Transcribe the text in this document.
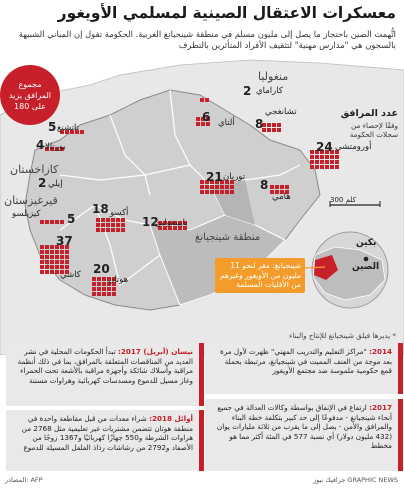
معسكرات الاعتقال الصينية لمسلمي الأويغور
اتُّهمت الصين باحتجاز ما يصل إلى مليون مسلم في منطقة شينجيانغ الغربية. الحكومة تقول إن المباني الشبيهة بالسجون هي "مدارس مهنية" لتثقيف الأفراد المتأثرين بالتطرف
مجموع المرافق يزيد على 180
عدد المرافق
وفقًا لإحصاء من سجلات الحكومة
منغوليا
كازاخستان
قيرغيزستان
كاراماي
2
ألتاي
6	تشانغجي
8
تاتشنغ
5
بورتالا
4
إيلي
2
أورومتشي
24
توربان
21
هامي
8
أكسو
18
كيزيلسو 5
كاشي
37
هوتان
20
بايينغولين
12
منطقة شينجيانغ
300 كلم
بكين
الصين
شينجيانغ: مقر لنحو 11 مليون من الأويغور وغيرهم من الأقليات المسلمة
* يديرها فيلق شينجيانغ للإنتاج والبناء
2014: "مراكز التعليم والتدريب المهني" ظهرت لأول مرة بعد موجة من العنف المميت في شينجيانغ، مرتبطة بحملة قمع حكومية ملموسة ضد مجتمع الأويغور
نيسان (أبريل) 2017: تبدأ الحكومات المحلية في نشر العديد من المناقصات المتعلقة بالمرافق، بما في ذلك أنظمة مراقبة وأسلاك شائكة وأجهزة مراقبة بالأشعة تحت الحمراء وغاز مسيل للدموع ومسدسات كهربائية وهراوات مسننة
2017: ارتفاع في الإنفاق بواسطة وكالات العدالة في جميع أنحاء شينجيانغ - مدفوعًا إلى حد كبير بتكلفة خطة البناء والمرافق والأمن - يصل إلى ما يقرب من ثلاثة مليارات يوان (432 مليون دولار) أي نسبة 577 في المئة أكثر مما هو مخطط
أوائل 2018: شراء معدات من قبل مقاطعة واحدة في منطقة هوتان تتضمن مشتريات غير تعليمية مثل 2768 من هراوات الشرطة و550 جهازًا كهربائيًا و1367 زوجًا من الأصفاد و2792 من رشاشات رذاذ الفلفل المسيلة للدموع
المصادر: AFP	GRAPHIC NEWS جرافيك نيوز
